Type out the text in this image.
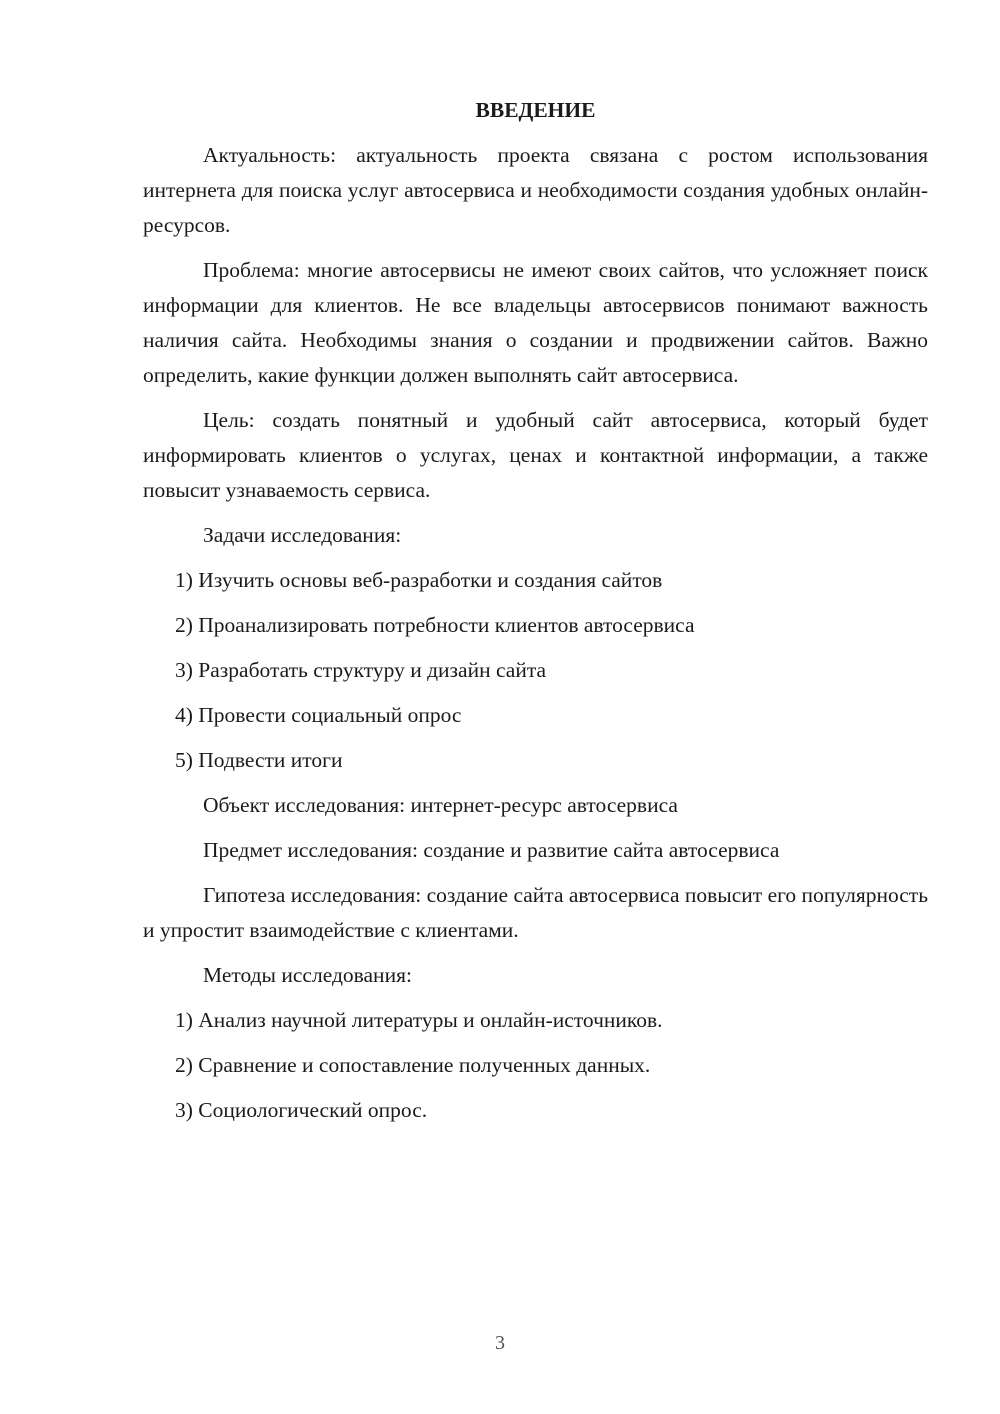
ВВЕДЕНИЕ

Актуальность: актуальность проекта связана с ростом использования интернета для поиска услуг автосервиса и необходимости создания удобных онлайн-ресурсов.

Проблема: многие автосервисы не имеют своих сайтов, что усложняет поиск информации для клиентов. Не все владельцы автосервисов понимают важность наличия сайта. Необходимы знания о создании и продвижении сайтов. Важно определить, какие функции должен выполнять сайт автосервиса.

Цель: создать понятный и удобный сайт автосервиса, который будет информировать клиентов о услугах, ценах и контактной информации, а также повысит узнаваемость сервиса.

Задачи исследования:
1) Изучить основы веб-разработки и создания сайтов
2) Проанализировать потребности клиентов автосервиса
3) Разработать структуру и дизайн сайта
4) Провести социальный опрос
5) Подвести итоги
Объект исследования: интернет-ресурс автосервиса
Предмет исследования: создание и развитие сайта автосервиса

Гипотеза исследования: создание сайта автосервиса повысит его популярность и упростит взаимодействие с клиентами.

Методы исследования:
1) Анализ научной литературы и онлайн-источников.
2) Сравнение и сопоставление полученных данных.
3) Социологический опрос.
3
